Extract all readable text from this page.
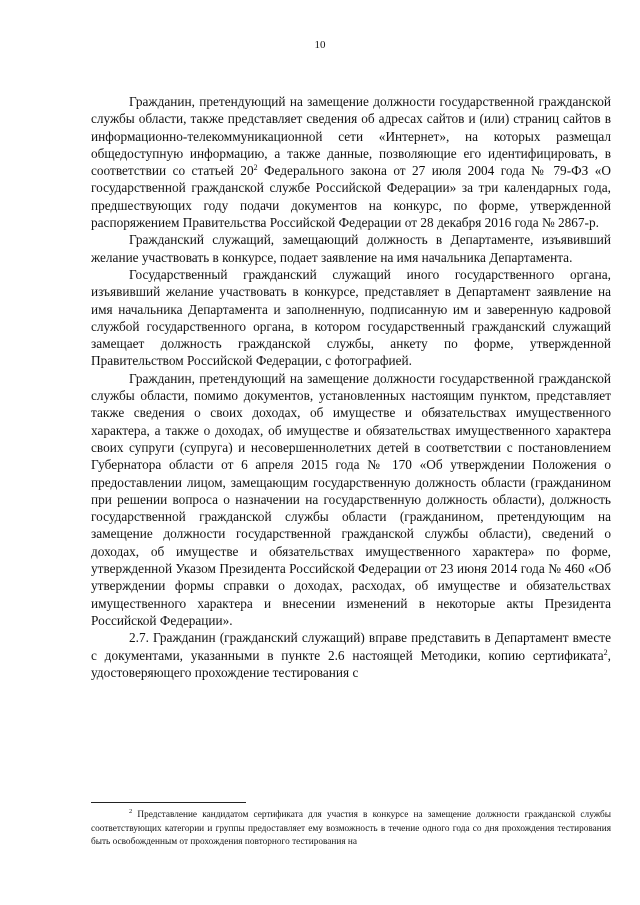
10

Гражданин, претендующий на замещение должности государственной гражданской службы области, также представляет сведения об адресах сайтов и (или) страниц сайтов в информационно-телекоммуникационной сети «Интернет», на которых размещал общедоступную информацию, а также данные, позволяющие его идентифицировать, в соответствии со статьей $20^2$ Федерального закона от 27 июля 2004 года № 79-ФЗ «О государственной гражданской службе Российской Федерации» за три календарных года, предшествующих году подачи документов на конкурс, по форме, утвержденной распоряжением Правительства Российской Федерации от 28 декабря 2016 года № 2867-р.

Гражданский служащий, замещающий должность в Департаменте, изъявивший желание участвовать в конкурсе, подает заявление на имя начальника Департамента.

Государственный гражданский служащий иного государственного органа, изъявивший желание участвовать в конкурсе, представляет в Департамент заявление на имя начальника Департамента и заполненную, подписанную им и заверенную кадровой службой государственного органа, в котором государственный гражданский служащий замещает должность гражданской службы, анкету по форме, утвержденной Правительством Российской Федерации, с фотографией.

Гражданин, претендующий на замещение должности государственной гражданской службы области, помимо документов, установленных настоящим пунктом, представляет также сведения о своих доходах, об имуществе и обязательствах имущественного характера, а также о доходах, об имуществе и обязательствах имущественного характера своих супруги (супруга) и несовершеннолетних детей в соответствии с постановлением Губернатора области от 6 апреля 2015 года № 170 «Об утверждении Положения о предоставлении лицом, замещающим государственную должность области (гражданином при решении вопроса о назначении на государственную должность области), должность государственной гражданской службы области (гражданином, претендующим на замещение должности государственной гражданской службы области), сведений о доходах, об имуществе и обязательствах имущественного характера» по форме, утвержденной Указом Президента Российской Федерации от 23 июня 2014 года № 460 «Об утверждении формы справки о доходах, расходах, об имуществе и обязательствах имущественного характера и внесении изменений в некоторые акты Президента Российской Федерации».

2.7. Гражданин (гражданский служащий) вправе представить в Департамент вместе с документами, указанными в пункте 2.6 настоящей Методики, копию сертификата$^2$, удостоверяющего прохождение тестирования с

$^2$ Представление кандидатом сертификата для участия в конкурсе на замещение должности гражданской службы соответствующих категории и группы предоставляет ему возможность в течение одного года со дня прохождения тестирования быть освобожденным от прохождения повторного тестирования на
